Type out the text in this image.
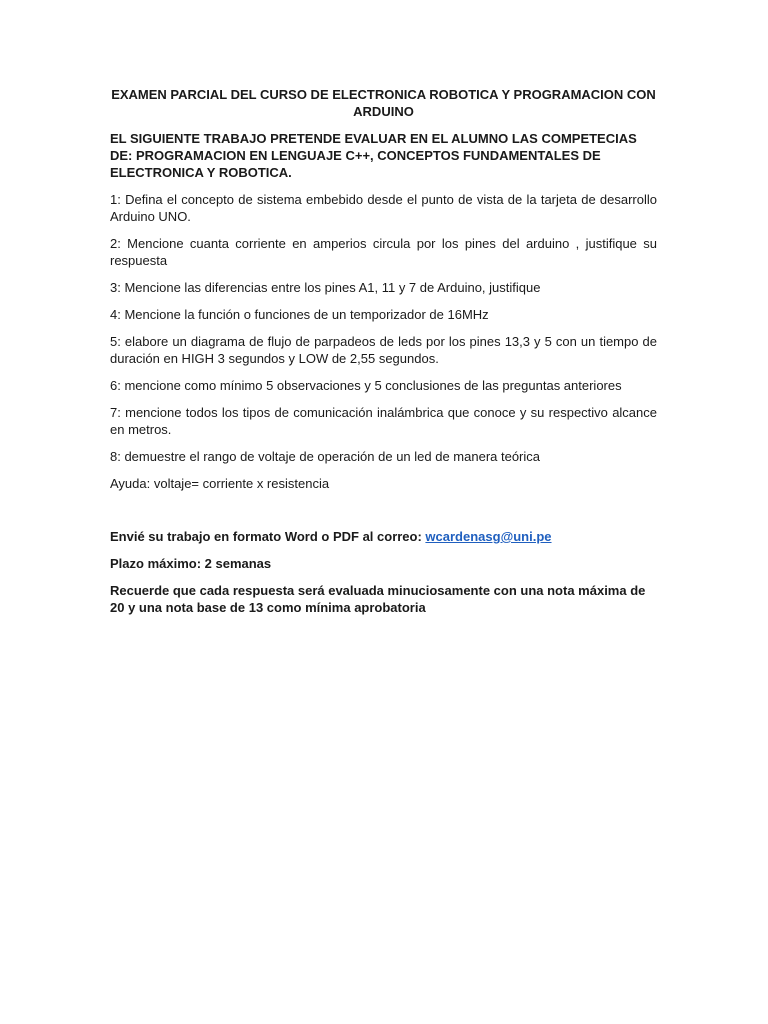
EXAMEN PARCIAL DEL CURSO DE ELECTRONICA ROBOTICA Y PROGRAMACION CON ARDUINO

EL SIGUIENTE TRABAJO PRETENDE EVALUAR EN EL ALUMNO LAS COMPETECIAS DE: PROGRAMACION EN LENGUAJE C++, CONCEPTOS FUNDAMENTALES DE ELECTRONICA Y ROBOTICA.

1: Defina el concepto de sistema embebido desde el punto de vista de la tarjeta de desarrollo Arduino UNO.

2: Mencione cuanta corriente en amperios circula por los pines del arduino , justifique su respuesta

3: Mencione las diferencias entre los pines A1, 11 y 7 de Arduino, justifique

4: Mencione la función o funciones de un temporizador de 16MHz

5: elabore un diagrama de flujo de parpadeos de leds por los pines 13,3 y 5 con un tiempo de duración en HIGH 3 segundos y LOW de 2,55 segundos.

6: mencione como mínimo 5 observaciones y 5 conclusiones de las preguntas anteriores

7: mencione todos los tipos de comunicación inalámbrica que conoce y su respectivo alcance en metros.

8: demuestre el rango de voltaje de operación de un led de manera teórica

Ayuda: voltaje= corriente x resistencia

Envié su trabajo en formato Word o PDF al correo: wcardenasg@uni.pe

Plazo máximo: 2 semanas

Recuerde que cada respuesta será evaluada minuciosamente con una nota máxima de 20 y una nota base de 13 como mínima aprobatoria
